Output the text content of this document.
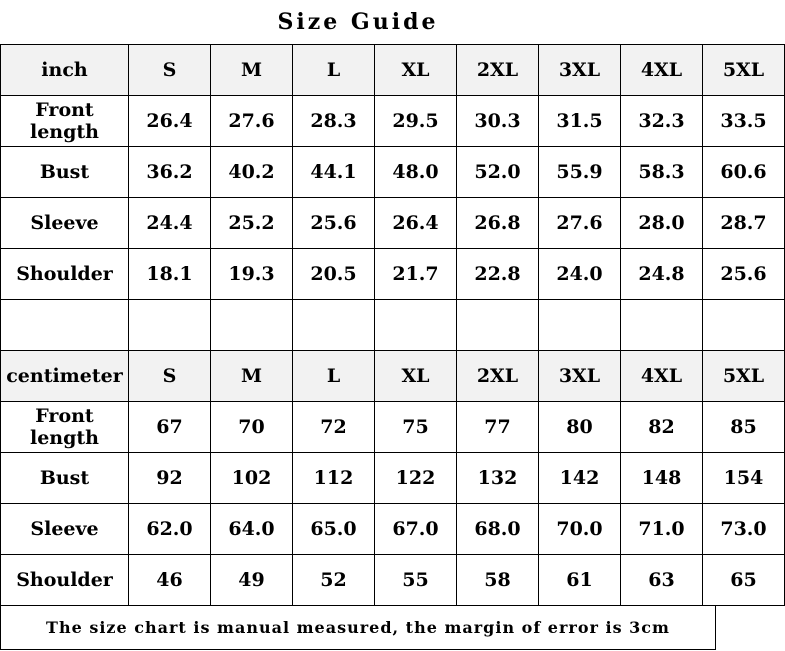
Size Guide
inch	S	M	L	XL	2XL	3XL	4XL	5XL
Front length	26.4	27.6	28.3	29.5	30.3	31.5	32.3	33.5
Bust	36.2	40.2	44.1	48.0	52.0	55.9	58.3	60.6
Sleeve	24.4	25.2	25.6	26.4	26.8	27.6	28.0	28.7
Shoulder	18.1	19.3	20.5	21.7	22.8	24.0	24.8	25.6

centimeter	S	M	L	XL	2XL	3XL	4XL	5XL
Front length	67	70	72	75	77	80	82	85
Bust	92	102	112	122	132	142	148	154
Sleeve	62.0	64.0	65.0	67.0	68.0	70.0	71.0	73.0
Shoulder	46	49	52	55	58	61	63	65
The size chart is manual measured, the margin of error is 3cm
